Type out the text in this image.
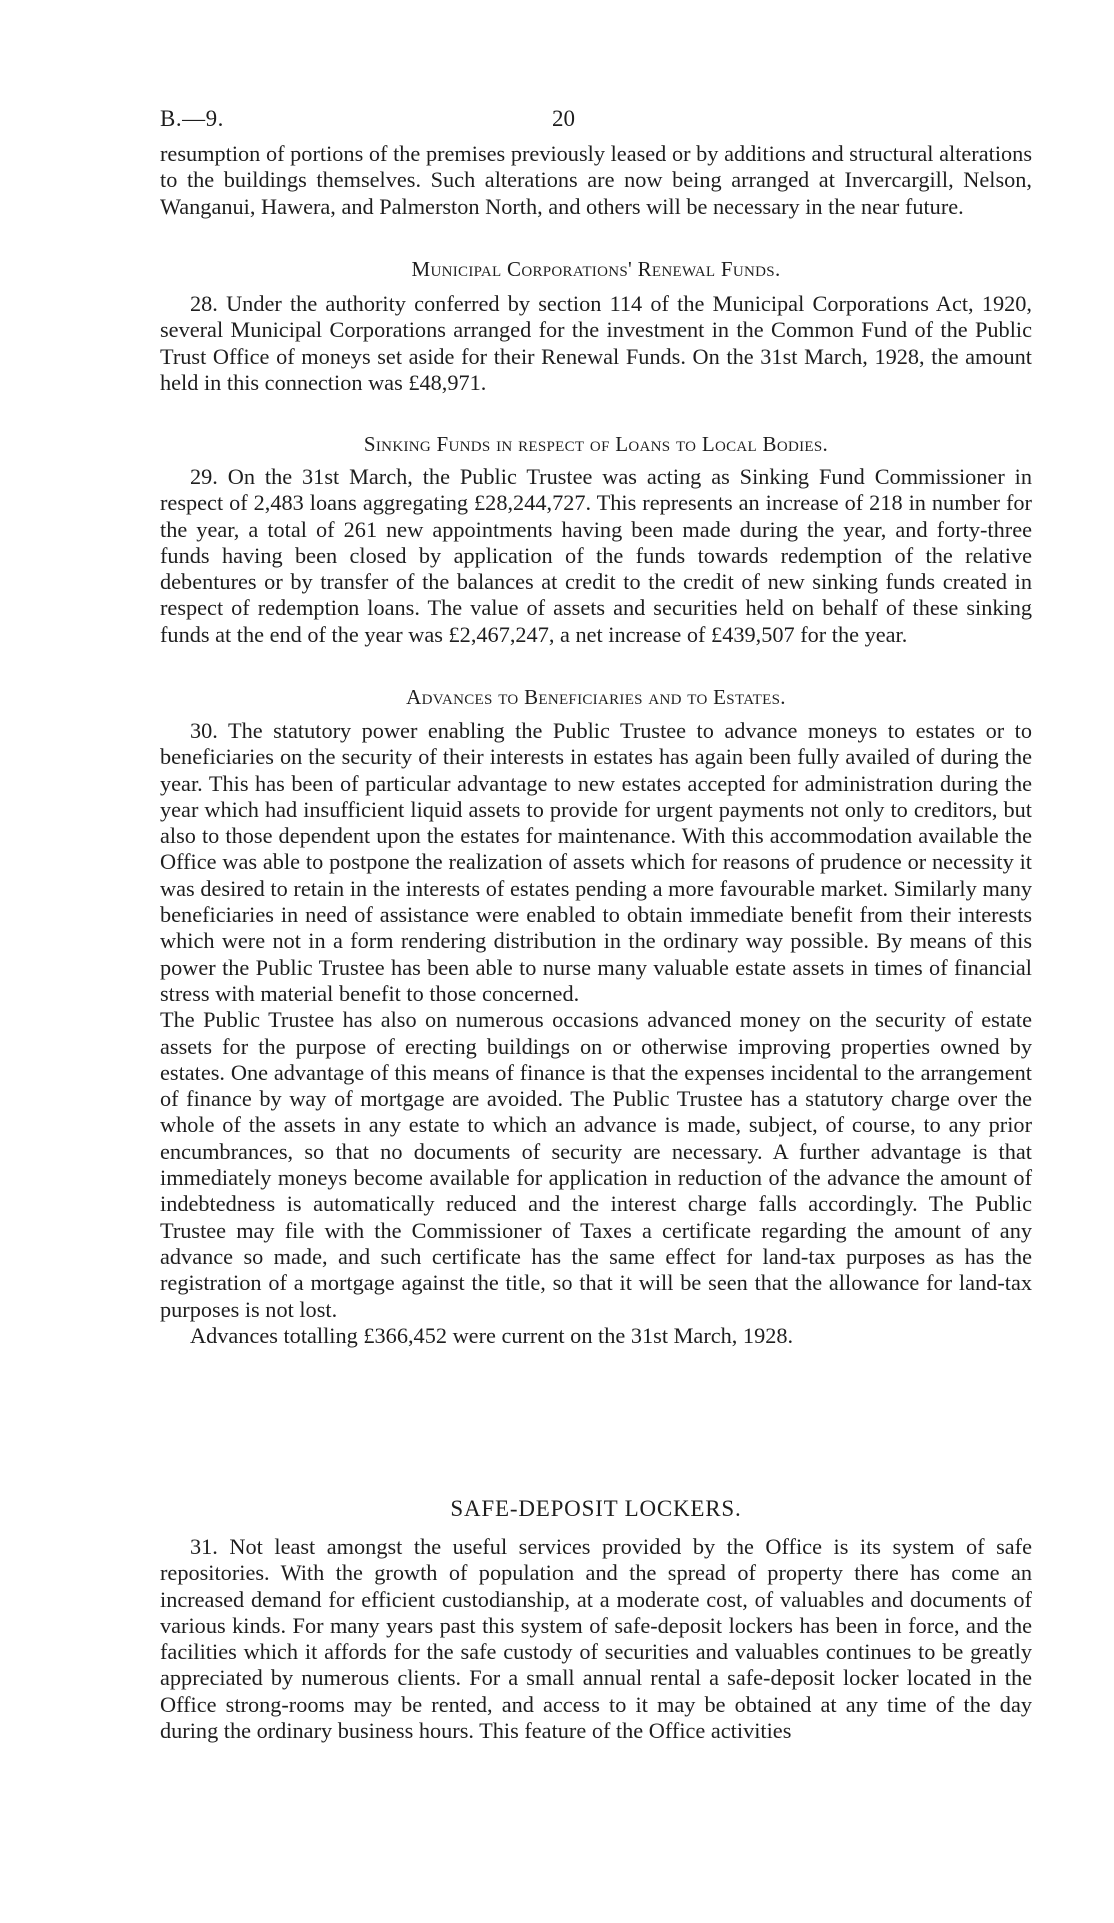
B.—9.	20

resumption of portions of the premises previously leased or by additions and structural alterations to the buildings themselves. Such alterations are now being arranged at Invercargill, Nelson, Wanganui, Hawera, and Palmerston North, and others will be necessary in the near future.

Municipal Corporations' Renewal Funds.

28. Under the authority conferred by section 114 of the Municipal Corporations Act, 1920, several Municipal Corporations arranged for the investment in the Common Fund of the Public Trust Office of moneys set aside for their Renewal Funds. On the 31st March, 1928, the amount held in this connection was £48,971.

Sinking Funds in respect of Loans to Local Bodies.

29. On the 31st March, the Public Trustee was acting as Sinking Fund Commissioner in respect of 2,483 loans aggregating £28,244,727. This represents an increase of 218 in number for the year, a total of 261 new appointments having been made during the year, and forty-three funds having been closed by application of the funds towards redemption of the relative debentures or by transfer of the balances at credit to the credit of new sinking funds created in respect of redemption loans. The value of assets and securities held on behalf of these sinking funds at the end of the year was £2,467,247, a net increase of £439,507 for the year.

Advances to Beneficiaries and to Estates.

30. The statutory power enabling the Public Trustee to advance moneys to estates or to beneficiaries on the security of their interests in estates has again been fully availed of during the year. This has been of particular advantage to new estates accepted for administration during the year which had insufficient liquid assets to provide for urgent payments not only to creditors, but also to those dependent upon the estates for maintenance. With this accommodation available the Office was able to postpone the realization of assets which for reasons of prudence or necessity it was desired to retain in the interests of estates pending a more favourable market. Similarly many beneficiaries in need of assistance were enabled to obtain immediate benefit from their interests which were not in a form rendering distribution in the ordinary way possible. By means of this power the Public Trustee has been able to nurse many valuable estate assets in times of financial stress with material benefit to those concerned.

The Public Trustee has also on numerous occasions advanced money on the security of estate assets for the purpose of erecting buildings on or otherwise improving properties owned by estates. One advantage of this means of finance is that the expenses incidental to the arrangement of finance by way of mortgage are avoided. The Public Trustee has a statutory charge over the whole of the assets in any estate to which an advance is made, subject, of course, to any prior encumbrances, so that no documents of security are necessary. A further advantage is that immediately moneys become available for application in reduction of the advance the amount of indebtedness is automatically reduced and the interest charge falls accordingly. The Public Trustee may file with the Commissioner of Taxes a certificate regarding the amount of any advance so made, and such certificate has the same effect for land-tax purposes as has the registration of a mortgage against the title, so that it will be seen that the allowance for land-tax purposes is not lost.

Advances totalling £366,452 were current on the 31st March, 1928.

SAFE-DEPOSIT LOCKERS.

31. Not least amongst the useful services provided by the Office is its system of safe repositories. With the growth of population and the spread of property there has come an increased demand for efficient custodianship, at a moderate cost, of valuables and documents of various kinds. For many years past this system of safe-deposit lockers has been in force, and the facilities which it affords for the safe custody of securities and valuables continues to be greatly appreciated by numerous clients. For a small annual rental a safe-deposit locker located in the Office strong-rooms may be rented, and access to it may be obtained at any time of the day during the ordinary business hours. This feature of the Office activities
